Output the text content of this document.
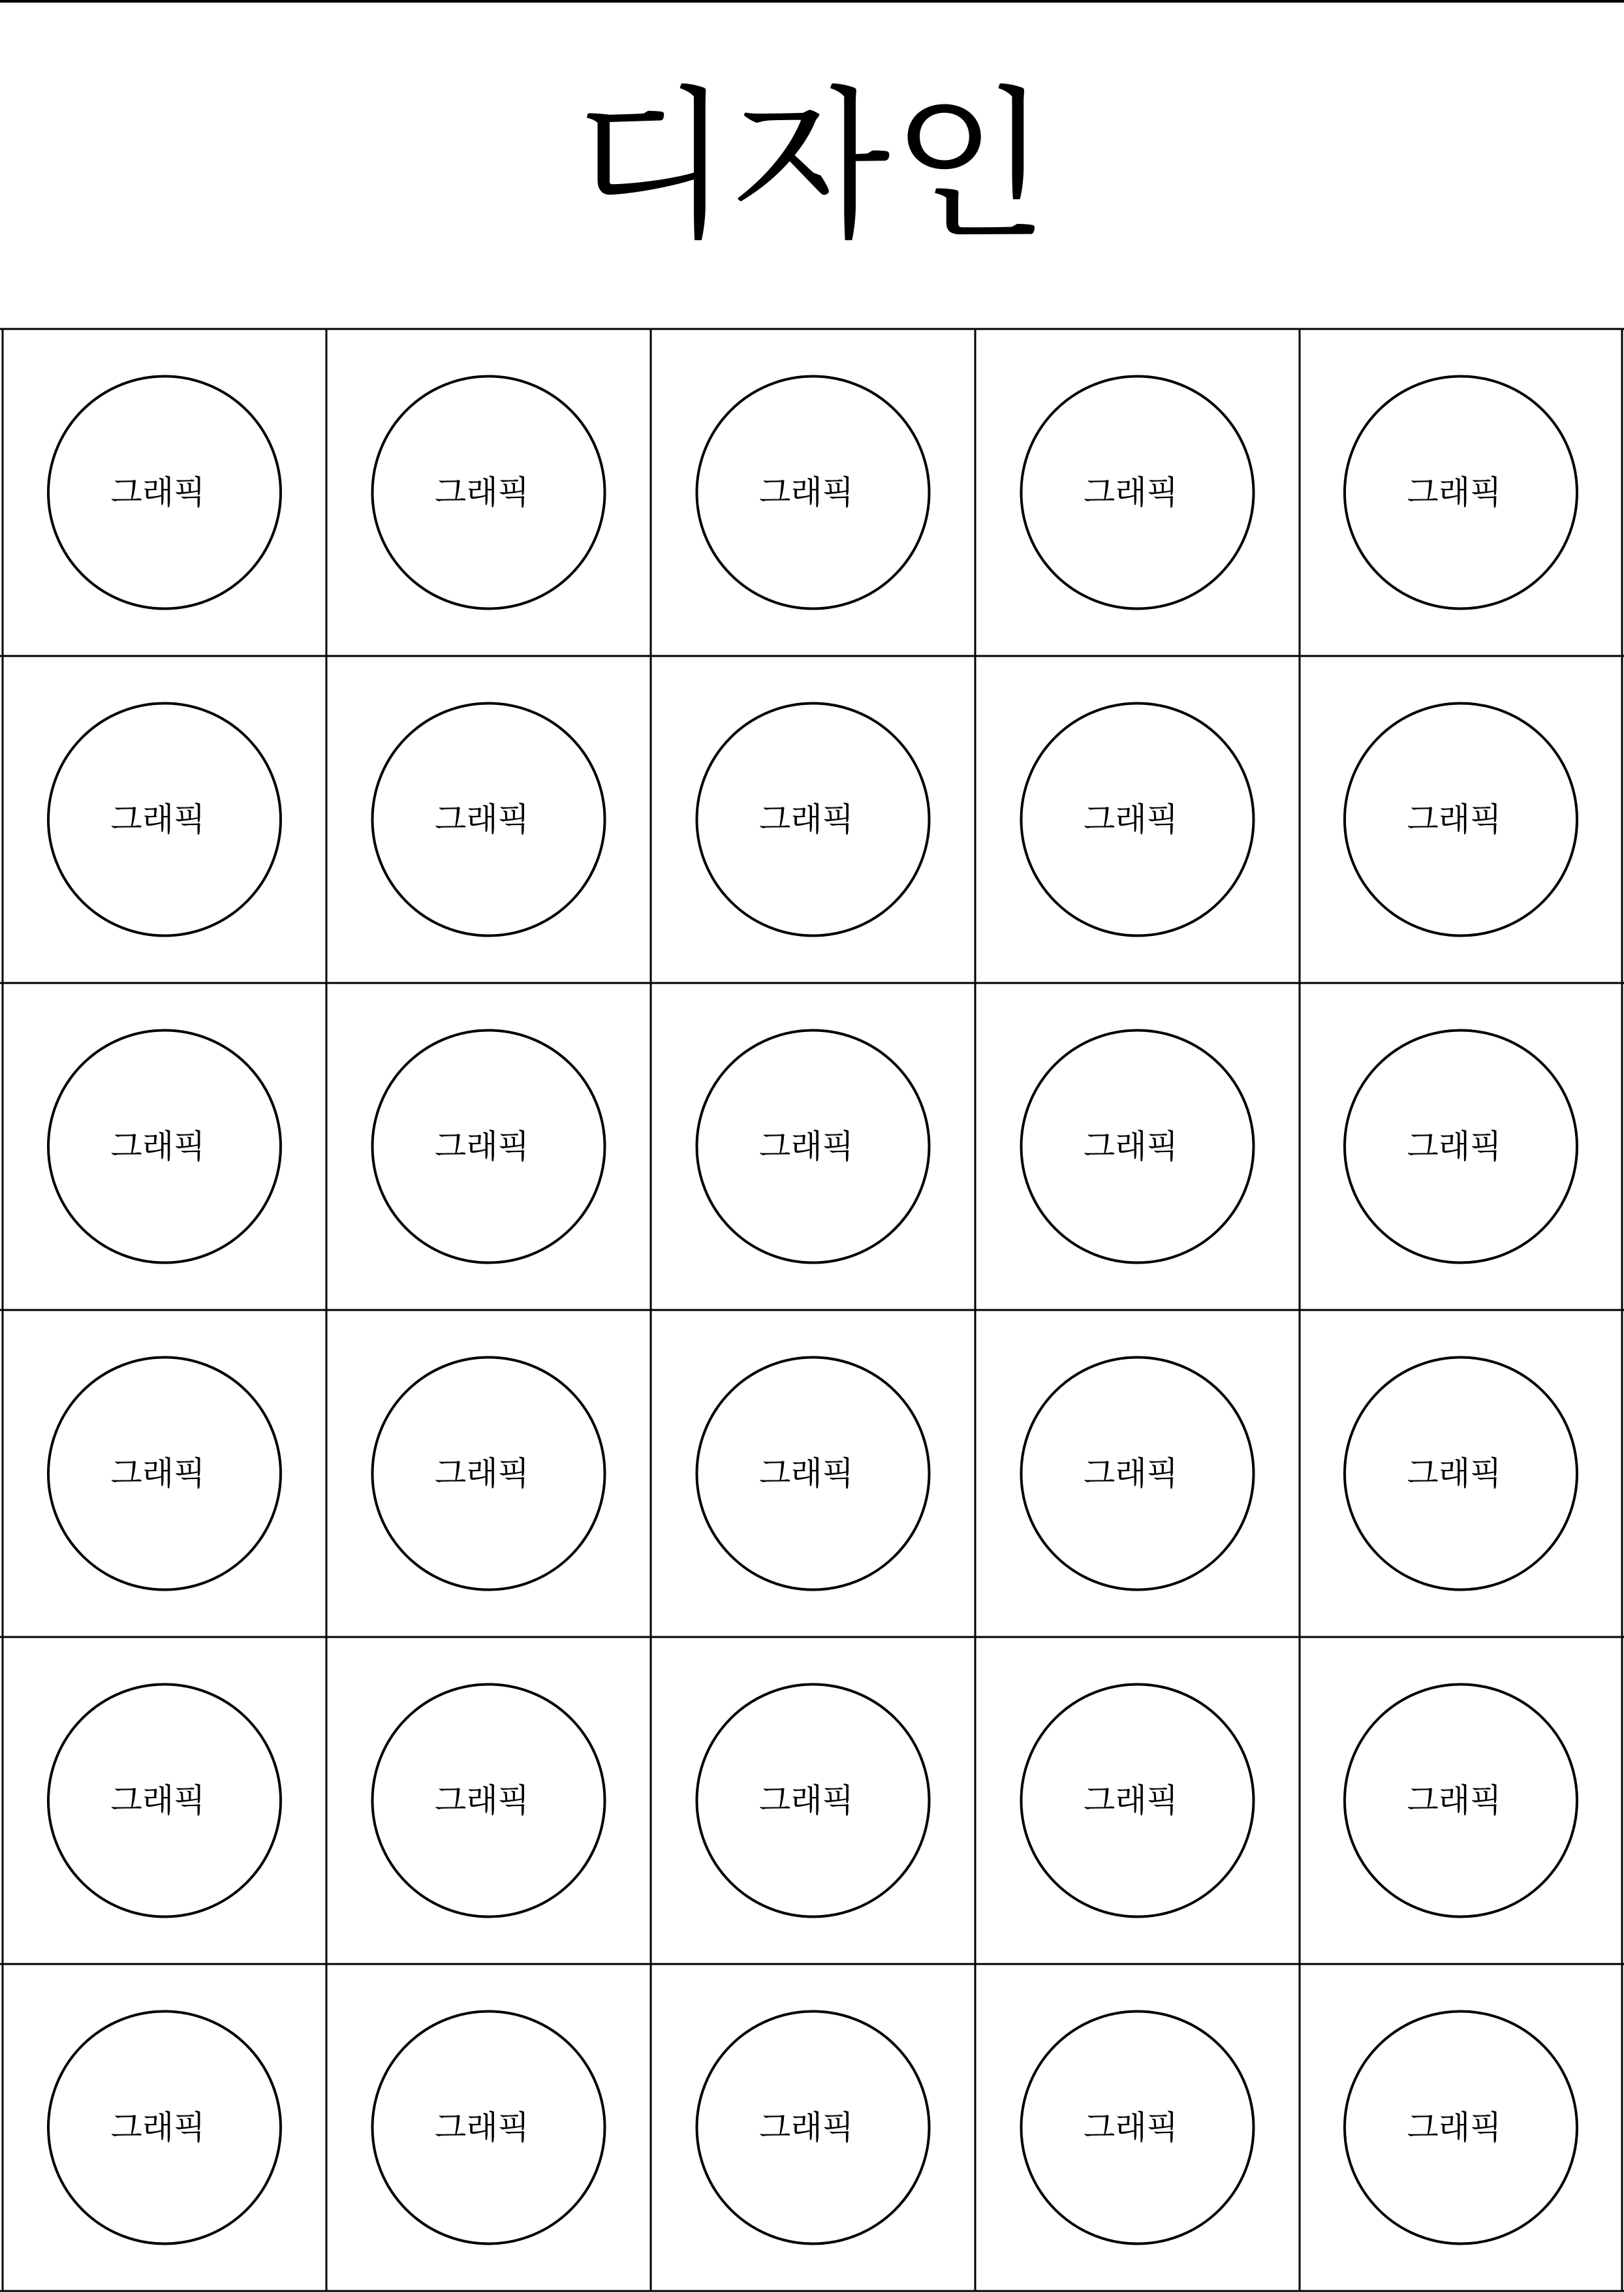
디자인
그래픽	그래픽	그래픽	그래픽	그래픽
그래픽	그래픽	그래픽	그래픽	그래픽
그래픽	그래픽	그래픽	그래픽	그래픽
그래픽	그래픽	그래픽	그래픽	그래픽
그래픽	그래픽	그래픽	그래픽	그래픽
그래픽	그래픽	그래픽	그래픽	그래픽
